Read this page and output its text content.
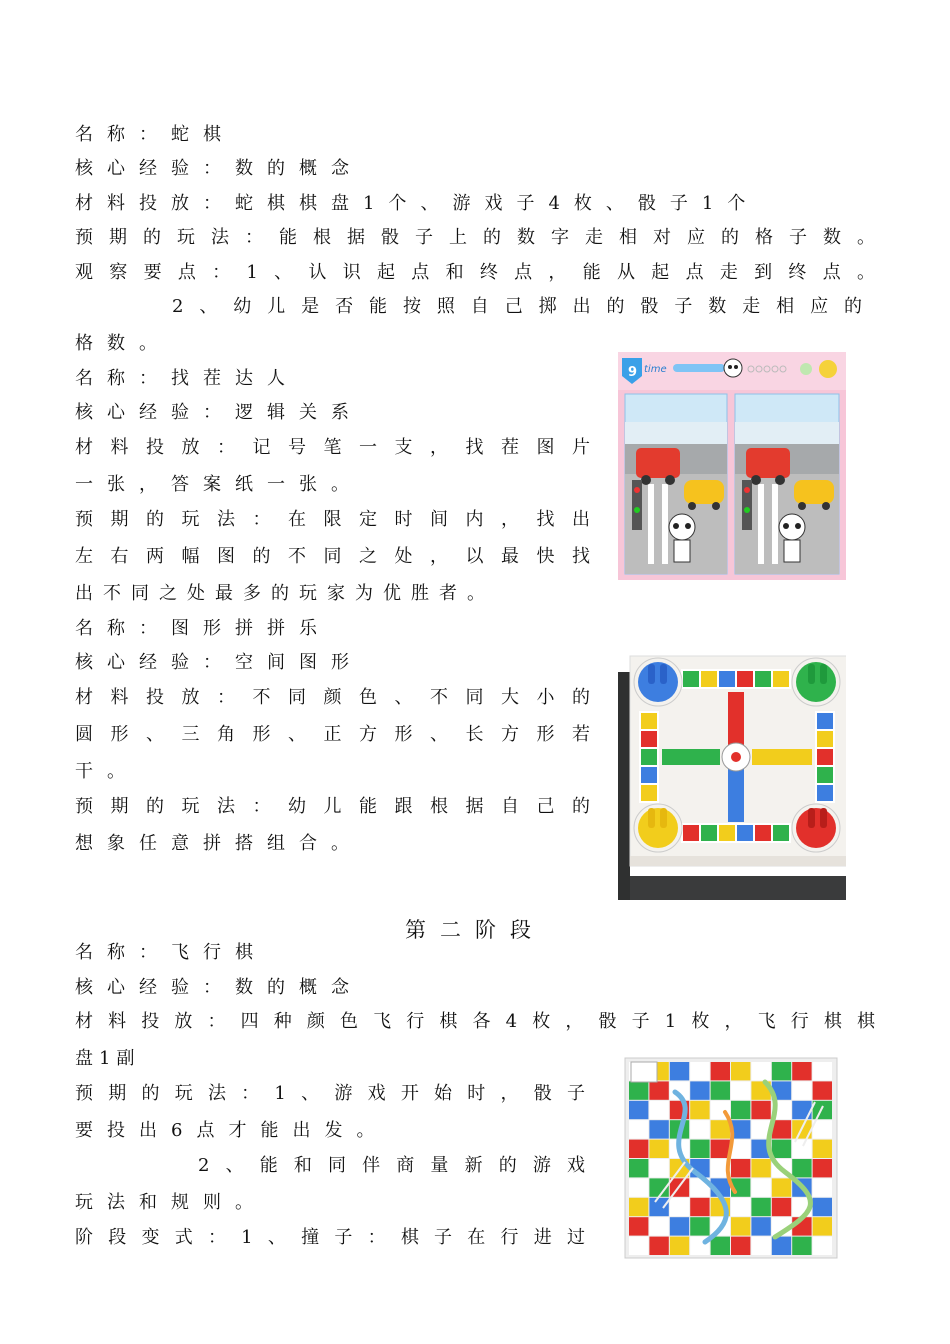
名称：蛇棋
核心经验：数的概念
材料投放：蛇棋棋盘1个、游戏子4枚、骰子1个
预期的玩法：能根据骰子上的数字走相对应的格子数。
观察要点：1、认识起点和终点，能从起点走到终点。
2、幼儿是否能按照自己掷出的骰子数走相应的
格数。
名称：找茬达人
核心经验：逻辑关系
材料投放：记号笔一支，找茬图片
一张，答案纸一张。
预期的玩法：在限定时间内，找出
左右两幅图的不同之处，以最快找
出不同之处最多的玩家为优胜者。
名称：图形拼拼乐
核心经验：空间图形
材料投放：不同颜色、不同大小的
圆形、三角形、正方形、长方形若
干。
预期的玩法：幼儿能跟根据自己的
想象任意拼搭组合。
第二阶段
名称：飞行棋
核心经验：数的概念
材料投放：四种颜色飞行棋各4枚，骰子1枚，飞行棋棋
盘1副
预期的玩法：1、游戏开始时，骰子
要投出6点才能出发。
2、能和同伴商量新的游戏
玩法和规则。
阶段变式：1、撞子：棋子在行进过
9 time
